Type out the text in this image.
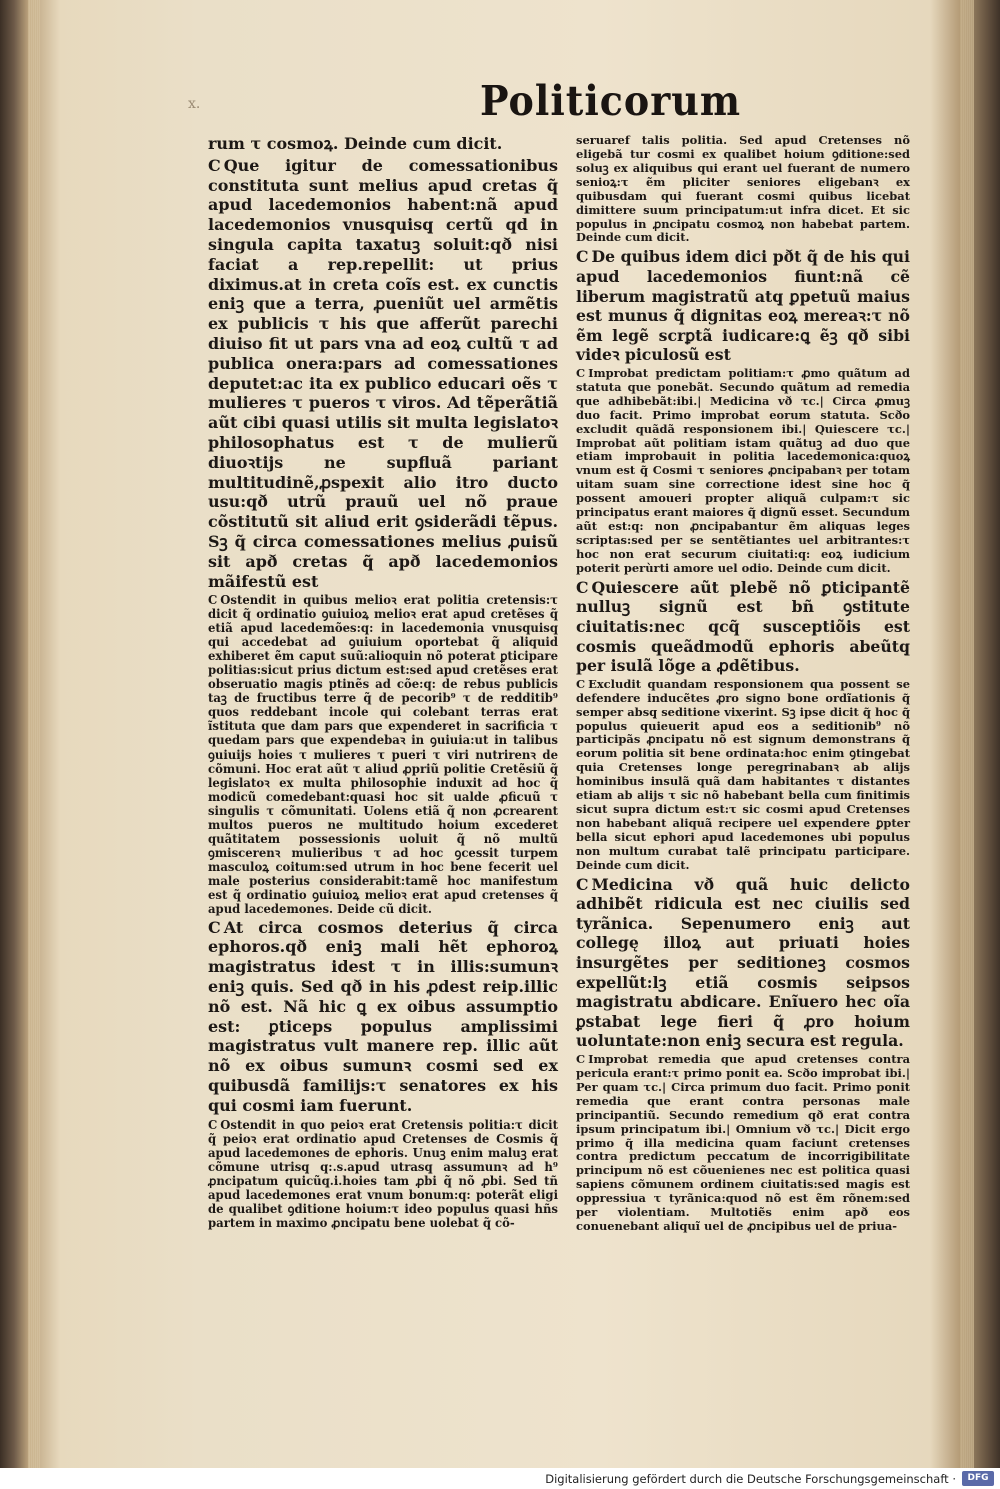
Politicorum
x.

rum τ cosmoꝝ. Deinde cum dicit.

C Que igitur de comessationibus constituta sunt melius apud cretas q̃ apud lacedemonios habent:nã apud lacedemonios vnusquisq̧ certũ qd in singula capita taxatuꝫ soluit:qð nisi faciat a rep.repellit: ut prius diximus.at in creta coĩs est. ex cunctis eniꝫ que a terra, ꝓueniũt uel armẽtis ex publicis τ his que afferũt parechi diuiso fit ut pars vna ad eoꝝ cultũ τ ad publica onera:pars ad comessationes deputet:ac ita ex publico educari oẽs τ mulieres τ pueros τ viros. Ad tẽperãtiã aũt cibi quasi utilis sit multa legislatoꝛ philosophatus est τ de mulierũ diuoꝛtijs ne supfluã pariant multitudinẽ,ꝓspexit alio itro ducto usu:qð utrũ prauũ uel nõ praue cõstitutũ sit aliud erit ꝯsiderãdi tẽpus. Sꝫ q̃ circa comessationes melius ꝓuisũ sit apð cretas q̃ apð lacedemonios mãifestũ est

C Ostendit in quibus melioꝛ erat politia cretensis:τ dicit q̃ ordinatio ꝯuiuioꝝ melioꝛ erat apud cretẽses q̃ etiã apud lacedemões:q: in lacedemonia vnusquisq̧ qui accedebat ad ꝯuiuium oportebat q̃ aliquid exhiberet ẽm caput suũ:alioquin nõ poterat ꝑticipare politias:sicut prius dictum est:sed apud cretẽses erat obseruatio magis ptinẽs ad cõe:q: de rebus publicis taꝫ de fructibus terre q̃ de pecorib⁹ τ de redditib⁹ quos reddebant incole qui colebant terras erat ĩstituta que dam pars que expenderet in sacrificia τ quedam pars que expendebaꝛ in ꝯuiuia:ut in talibus ꝯuiuijs hoies τ mulieres τ pueri τ viri nutrirenꝛ de cõmuni. Hoc erat aũt τ aliud ꝓpriũ politie Cretẽsiũ q̃ legislatoꝛ ex multa philosophie induxit ad hoc q̃ modicũ comedebant:quasi hoc sit ualde ꝓficuũ τ singulis τ cõmunitati. Uolens etiã q̃ non ꝓcrearent multos pueros ne multitudo hoium excederet quãtitatem possessionis uoluit q̃ nõ multũ ꝯmiscerenꝛ mulieribus τ ad hoc ꝯcessit turpem masculoꝝ coitum:sed utrum in hoc bene fecerit uel male posterius considerabit:tamẽ hoc manifestum est q̃ ordinatio ꝯuiuioꝝ melioꝛ erat apud cretenses q̃ apud lacedemones. Deide cũ dicit.

C At circa cosmos deterius q̃ circa ephoros.qð eniꝫ mali hẽt ephoroꝝ magistratus idest τ in illis:sumunꝛ eniꝫ quis. Sed qð in his ꝓdest reip.illic nõ est. Nã hic ꝗ ex oibus assumptio est: ꝑticeps populus amplissimi magistratus vult manere rep. illic aũt nõ ex oibus sumunꝛ cosmi sed ex quibusdã familijs:τ senatores ex his qui cosmi iam fuerunt.

C Ostendit in quo peioꝛ erat Cretensis politia:τ dicit q̃ peioꝛ erat ordinatio apud Cretenses de Cosmis q̃ apud lacedemones de ephoris. Unuꝫ enim maluꝫ erat cõmune utrisq̧ q:.s.apud utrasq̧ assumunꝛ ad h⁹ ꝓncipatum quicũq̧.i.hoies tam ꝓbi q̃ nõ ꝓbi. Sed tñ apud lacedemones erat vnum bonum:q: poterãt eligi de qualibet ꝯditione hoium:τ ideo populus quasi hñs partem in maximo ꝓncipatu bene uolebat q̃ cõ-

seruaref talis politia. Sed apud Cretenses nõ eligebã tur cosmi ex qualibet hoium ꝯditione:sed soluꝫ ex aliquibus qui erant uel fuerant de numero senioꝝ:τ ẽm pliciter seniores eligebanꝛ ex quibusdam qui fuerant cosmi quibus licebat dimittere suum principatum:ut infra dicet. Et sic populus in ꝓncipatu cosmoꝝ non habebat partem. Deinde cum dicit.

C De quibus idem dici pðt q̃ de his qui apud lacedemonios fiunt:nã cẽ liberum magistratũ atq̧ ꝑpetuũ maius est munus q̃ dignitas eoꝝ mereaꝛ:τ nõ ẽm legẽ scrꝑtã iudicare:ꝗ ẽꝫ qð sibi videꝛ piculosũ est

C Improbat predictam politiam:τ ꝓmo quãtum ad statuta que ponebãt. Secundo quãtum ad remedia que adhibebãt:ibi.| Medicina vð τc.| Circa ꝓmuꝫ duo facit. Primo improbat eorum statuta. Scðo excludit quãdã responsionem ibi.| Quiescere τc.| Improbat aũt politiam istam quãtuꝫ ad duo que etiam improbauit in politia lacedemonica:quoꝝ vnum est q̃ Cosmi τ seniores ꝓncipabanꝛ per totam uitam suam sine correctione idest sine hoc q̃ possent amoueri propter aliquã culpam:τ sic principatus erant maiores q̃ dignũ esset. Secundum aũt est:q: non ꝓncipabantur ẽm aliquas leges scriptas:sed per se sentẽtiantes uel arbitrantes:τ hoc non erat securum ciuitati:q: eoꝝ iudicium poterit perùrti amore uel odio. Deinde cum dicit.

C Quiescere aũt plebẽ nõ ꝑticipantẽ nulluꝫ signũ est bñ ꝯstitute ciuitatis:nec qcq̃ susceptiõis est cosmis queãdmodũ ephoris abeũtq̧ per isulã lõge a ꝓdẽtibus.

C Excludit quandam responsionem qua possent se defendere inducẽtes ꝓro signo bone ordĩationis q̃ semper absq̧ seditione vixerint. Sꝫ ipse dicit q̃ hoc q̃ populus quieuerit apud eos a seditionib⁹ nõ participãs ꝓncipatu nõ est signum demonstrans q̃ eorum politia sit bene ordinata:hoc enim ꝯtingebat quia Cretenses longe peregrinabanꝛ ab alijs hominibus insulã quã dam habitantes τ distantes etiam ab alijs τ sic nõ habebant bella cum finitimis sicut supra dictum est:τ sic cosmi apud Cretenses non habebant aliquã recipere uel expendere ꝑpter bella sicut ephori apud lacedemones ubi populus non multum curabat talẽ principatu participare. Deinde cum dicit.

C Medicina vð quã huic delicto adhibẽt ridicula est nec ciuilis sed tyrãnica. Sepenumero eniꝫ aut collegę illoꝝ aut priuati hoies insurgẽtes per seditioneꝫ cosmos expellũt:lꝫ etiã cosmis seipsos magistratu abdicare. Enĩuero hec oĩa ꝑstabat lege fieri q̃ ꝓro hoium uoluntate:non eniꝫ secura est regula.

C Improbat remedia que apud cretenses contra pericula erant:τ primo ponit ea. Scðo improbat ibi.| Per quam τc.| Circa primum duo facit. Primo ponit remedia que erant contra personas male principantiũ. Secundo remedium qð erat contra ipsum principatum ibi.| Omnium vð τc.| Dicit ergo primo q̃ illa medicina quam faciunt cretenses contra predictum peccatum de incorrigibilitate principum nõ est cõuenienes nec est politica quasi sapiens cõmunem ordinem ciuitatis:sed magis est oppressiua τ tyrãnica:quod nõ est ẽm rõnem:sed per violentiam. Multotiẽs enim apð eos conuenebant aliquĩ uel de ꝓncipibus uel de priua-

Digitalisierung gefördert durch die Deutsche Forschungsgemeinschaft ·	DFG
